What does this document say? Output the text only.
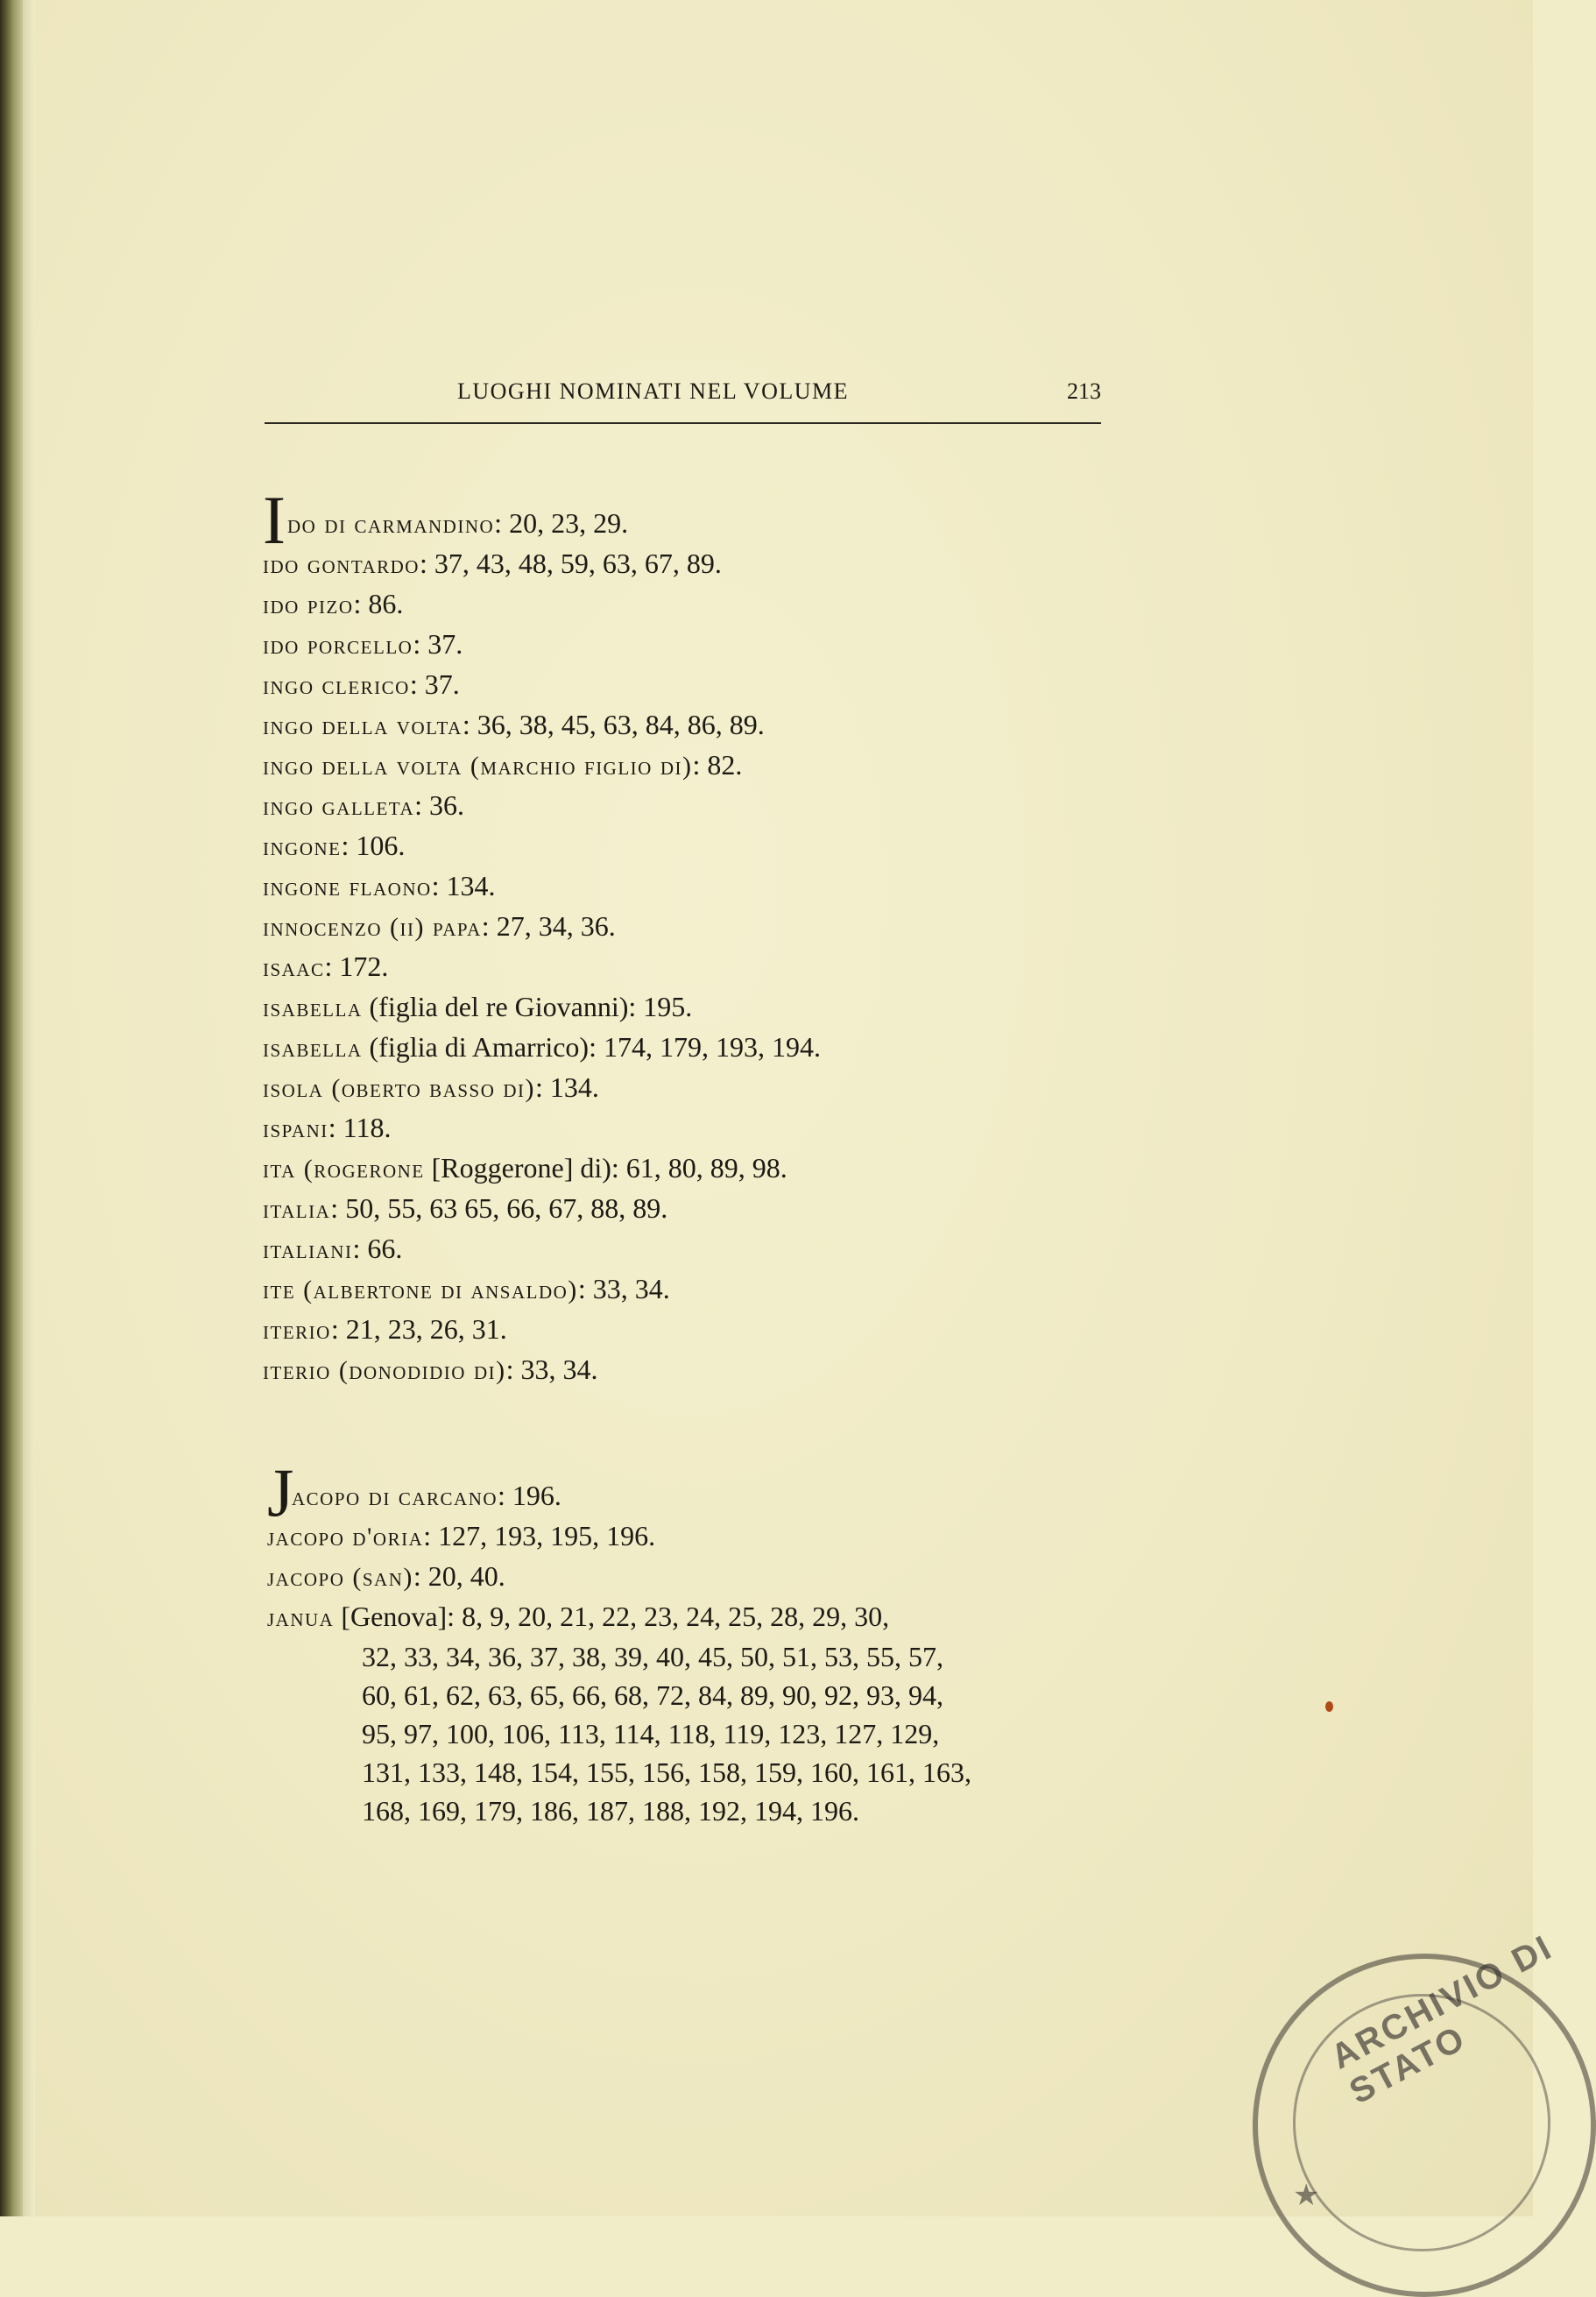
LUOGHI NOMINATI NEL VOLUME	213
I do di carmandino: 20, 23, 29.
ido gontardo: 37, 43, 48, 59, 63, 67, 89.
ido pizo: 86.
ido porcello: 37.
ingo clerico: 37.
ingo della volta: 36, 38, 45, 63, 84, 86, 89.
ingo della volta (marchio figlio di): 82.
ingo galleta: 36.
ingone: 106.
ingone flaono: 134.
innocenzo (ii) papa: 27, 34, 36.
isaac: 172.
isabella (figlia del re Giovanni): 195.
isabella (figlia di Amarrico): 174, 179, 193, 194.
isola (oberto basso di): 134.
ispani: 118.
ita (rogerone [Roggerone] di): 61, 80, 89, 98.
italia: 50, 55, 63 65, 66, 67, 88, 89.
italiani: 66.
ite (albertone di ansaldo): 33, 34.
iterio: 21, 23, 26, 31.
iterio (donodidio di): 33, 34.
J
acopo di carcano: 196.
jacopo d'oria: 127, 193, 195, 196.
jacopo (san): 20, 40.
janua [Genova]: 8, 9, 20, 21, 22, 23, 24, 25, 28, 29, 30,
32, 33, 34, 36, 37, 38, 39, 40, 45, 50, 51, 53, 55, 57,
60, 61, 62, 63, 65, 66, 68, 72, 84, 89, 90, 92, 93, 94,
95, 97, 100, 106, 113, 114, 118, 119, 123, 127, 129,
131, 133, 148, 154, 155, 156, 158, 159, 160, 161, 163,
168, 169, 179, 186, 187, 188, 192, 194, 196.
ARCHIVIO DI STATO
★
